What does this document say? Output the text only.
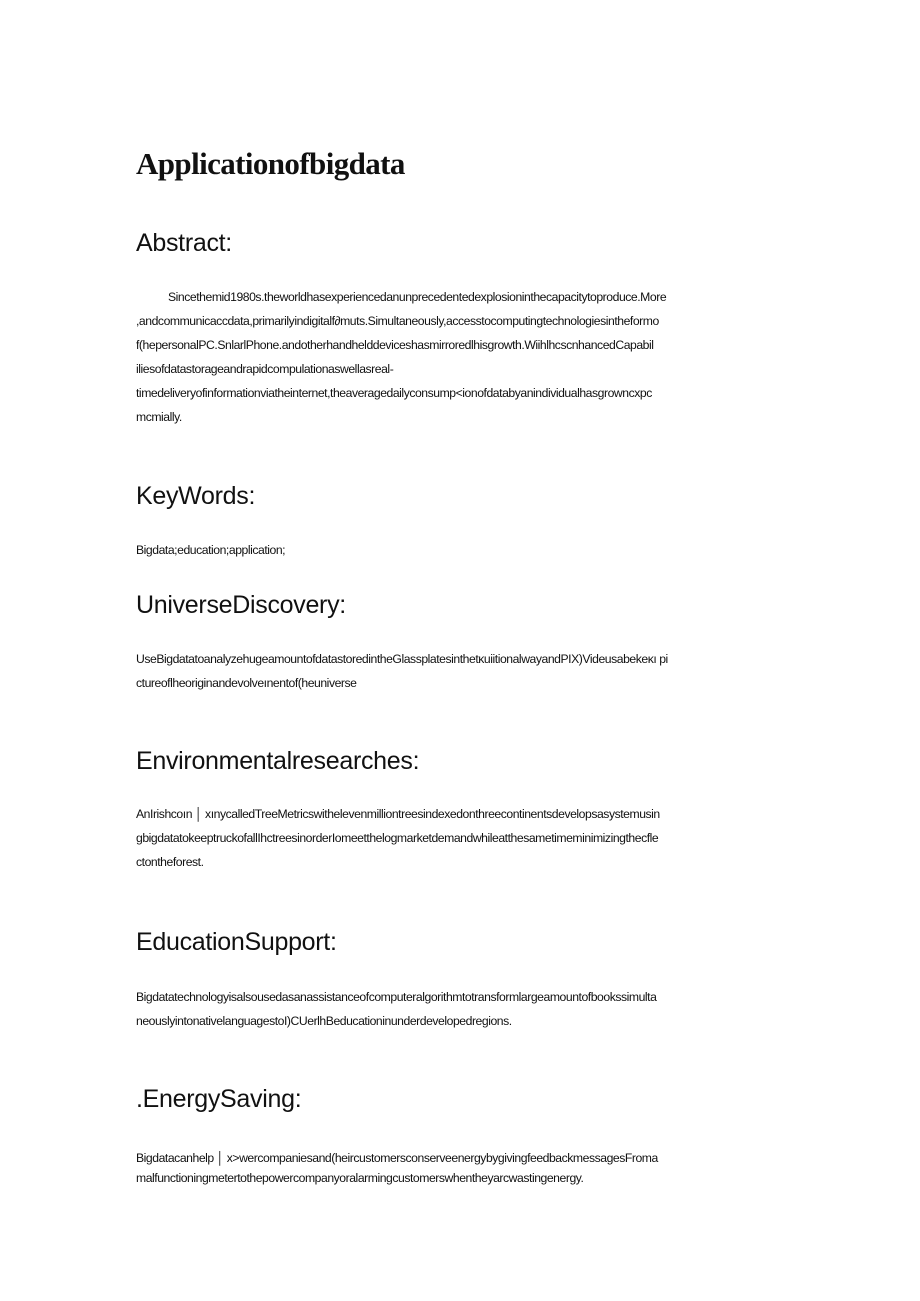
Applicationofbigdata
Abstract:

Sincethemid1980s.theworldhasexperiencedanunprecedentedexplosioninthecapacitytoproduce.More
,andcommunicaccdata,primarilyindigitalf∂muts.Simultaneously,accesstocomputingtechnologiesintheformo
f(hepersonalPC.SnlarlPhone.andotherhandhelddeviceshasmirroredlhisgrowth.WiihlhcscnhancedCapabil
iliesofdatastorageandrapidcompulationaswellasreal-
timedeliveryofinformationviatheinternet,theaveragedailyconsump<ionofdatabyanindividualhasgrowncxpc
mcmially.

KeyWords:

Bigdata;education;application;

UniverseDiscovery:

UseBigdatatoanalyzehugeamountofdatastoredintheGlassplatesinthetĸuiitionalwayandPIX)Videusabekeĸı pi
ctureoflheoriginandevolveınentof(heuniverse

Environmentalresearches:

AnIrishcoın │ xınycalledTreeMetricswithelevenmilliontreesindexedonthreecontinentsdevelopsasystemusin
gbigdatatokeeptruckofallIhctreesinorderIomeetthelogmarketdemandwhileatthesametimeminimizingthecfle
ctontheforest.

EducationSupport:

Bigdatatechnologyisalsousedasanassistanceofcomputeralgorithmtotransformlargeamountofbookssimulta
neouslyintonativelanguagestoI)CUerlhBeducationinunderdevelopedregions.

.EnergySaving:

Bigdatacanhelp │ x>wercompaniesand(heircustomersconserveenergybygivingfeedbackmessagesFroma
malfunctioningmetertothepowercompanyoralarmingcustomerswhentheyarcwastingenergy.
